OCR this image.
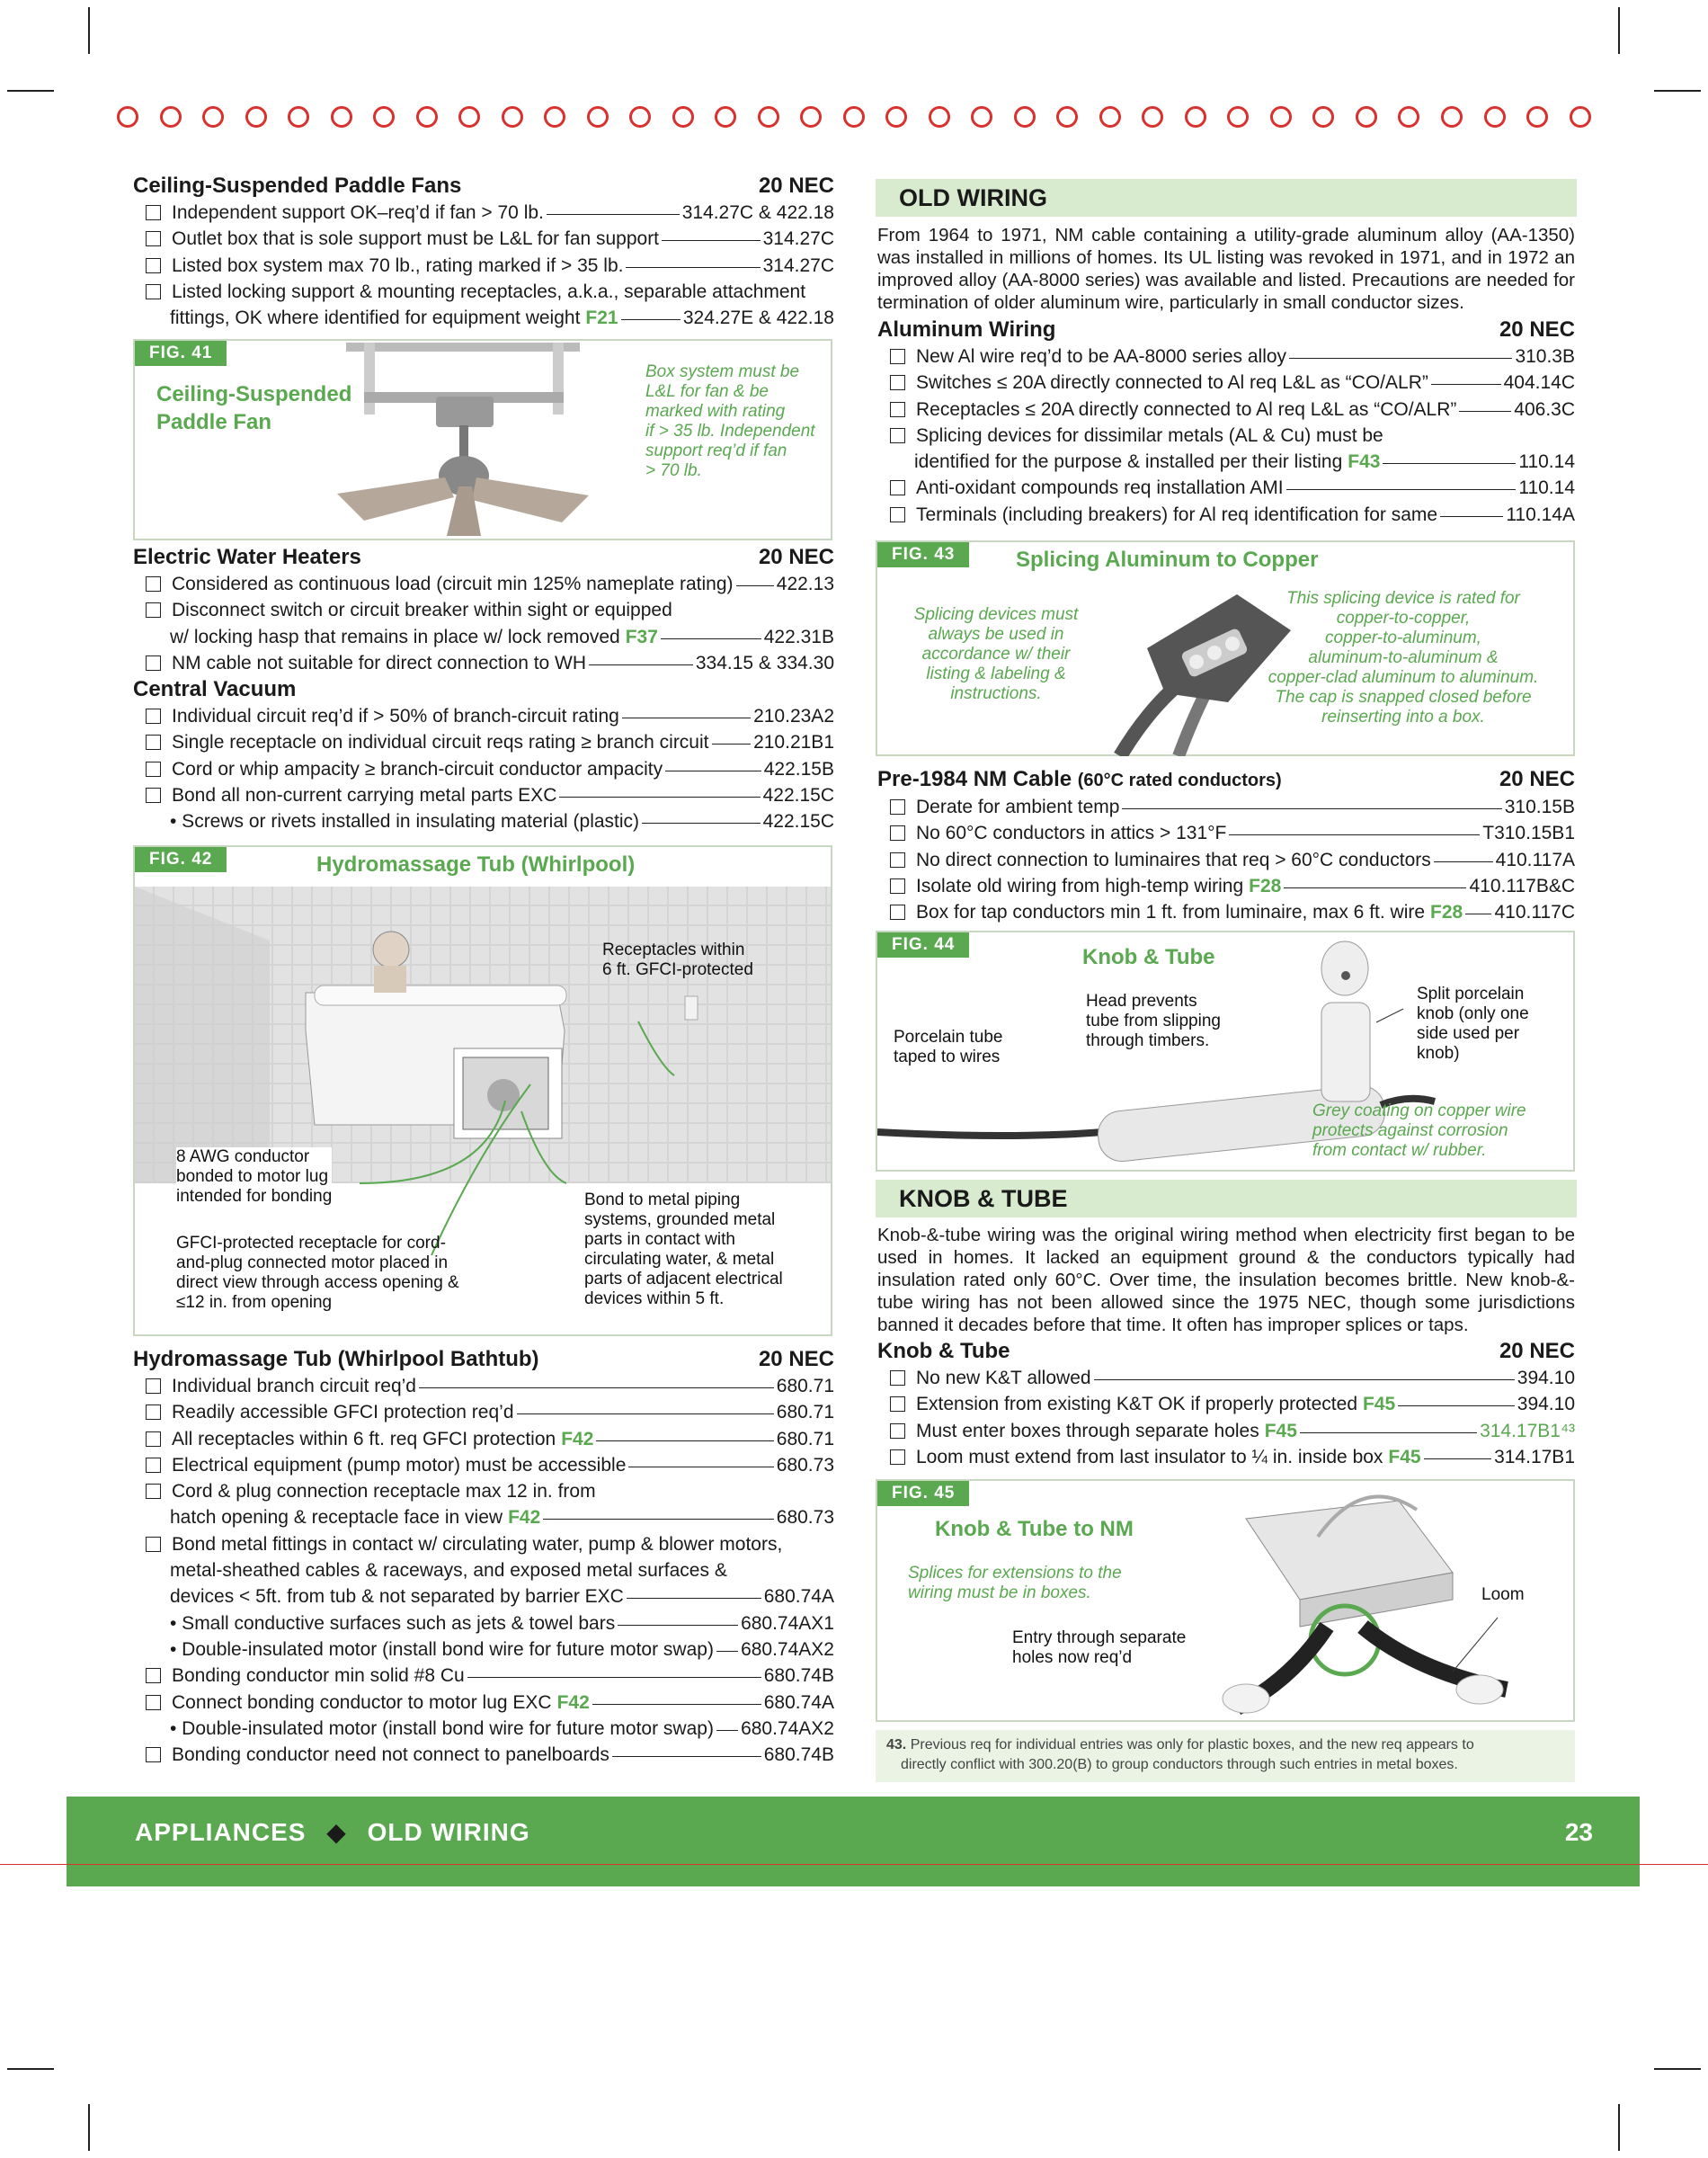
Ceiling-Suspended Paddle Fans	20 NEC
Independent support OK–req’d if fan > 70 lb.	314.27C & 422.18
Outlet box that is sole support must be L&L for fan support	314.27C
Listed box system max 70 lb., rating marked if > 35 lb.	314.27C
Listed locking support & mounting receptacles, a.k.a., separable attachment
fittings, OK where identified for equipment weight F21	324.27E & 422.18
FIG. 41
Ceiling-Suspended
Paddle Fan
Box system must be
L&L for fan & be
marked with rating
if > 35 lb. Independent
support req’d if fan
> 70 lb.
Electric Water Heaters	20 NEC
Considered as continuous load (circuit min 125% nameplate rating) 422.13
Disconnect switch or circuit breaker within sight or equipped
w/ locking hasp that remains in place w/ lock removed F37	422.31B
NM cable not suitable for direct connection to WH	334.15 & 334.30
Central Vacuum
Individual circuit req’d if > 50% of branch-circuit rating	210.23A2
Single receptacle on individual circuit reqs rating ≥ branch circuit 210.21B1
Cord or whip ampacity ≥ branch-circuit conductor ampacity	422.15B
Bond all non-current carrying metal parts EXC	422.15C
• Screws or rivets installed in insulating material (plastic)	422.15C
FIG. 42	Hydromassage Tub (Whirlpool)
Receptacles within
6 ft. GFCI-protected
8 AWG conductor
bonded to motor lug
intended for bonding
GFCI-protected receptacle for cord-
and-plug connected motor placed in
direct view through access opening &
≤12 in. from opening
Bond to metal piping
systems, grounded metal
parts in contact with
circulating water, & metal
parts of adjacent electrical
devices within 5 ft.
Hydromassage Tub (Whirlpool Bathtub)	20 NEC
Individual branch circuit req’d	680.71
Readily accessible GFCI protection req’d	680.71
All receptacles within 6 ft. req GFCI protection F42	680.71
Electrical equipment (pump motor) must be accessible	680.73
Cord & plug connection receptacle max 12 in. from
hatch opening & receptacle face in view F42	680.73
Bond metal fittings in contact w/ circulating water, pump & blower motors,
metal-sheathed cables & raceways, and exposed metal surfaces &
devices < 5ft. from tub & not separated by barrier EXC	680.74A
• Small conductive surfaces such as jets & towel bars	680.74AX1
• Double-insulated motor (install bond wire for future motor swap) 680.74AX2
Bonding conductor min solid #8 Cu	680.74B
Connect bonding conductor to motor lug EXC F42	680.74A
• Double-insulated motor (install bond wire for future motor swap) 680.74AX2
Bonding conductor need not connect to panelboards	680.74B
OLD WIRING
From 1964 to 1971, NM cable containing a utility-grade aluminum alloy (AA-1350) was installed in millions of homes. Its UL listing was revoked in 1971, and in 1972 an improved alloy (AA-8000 series) was available and listed. Precautions are needed for termination of older aluminum wire, particularly in small conductor sizes.
Aluminum Wiring	20 NEC
New Al wire req’d to be AA-8000 series alloy	310.3B
Switches ≤ 20A directly connected to Al req L&L as “CO/ALR”	404.14C
Receptacles ≤ 20A directly connected to Al req L&L as “CO/ALR”	406.3C
Splicing devices for dissimilar metals (AL & Cu) must be
identified for the purpose & installed per their listing F43	110.14
Anti-oxidant compounds req installation AMI	110.14
Terminals (including breakers) for Al req identification for same	110.14A
FIG. 43	Splicing Aluminum to Copper
Splicing devices must
always be used in
accordance w/ their
listing & labeling &
instructions.
This splicing device is rated for
copper-to-copper,
copper-to-aluminum,
aluminum-to-aluminum &
copper-clad aluminum to aluminum.
The cap is snapped closed before
reinserting into a box.
Pre-1984 NM Cable (60°C rated conductors)	20 NEC
Derate for ambient temp	310.15B
No 60°C conductors in attics > 131°F	T310.15B1
No direct connection to luminaires that req > 60°C conductors	410.117A
Isolate old wiring from high-temp wiring F28	410.117B&C
Box for tap conductors min 1 ft. from luminaire, max 6 ft. wire F28 410.117C
FIG. 44
Knob & Tube
Head prevents
tube from slipping
through timbers.
Split porcelain
knob (only one
side used per
knob)
Porcelain tube
taped to wires
Grey coating on copper wire
protects against corrosion
from contact w/ rubber.
KNOB & TUBE
Knob-&-tube wiring was the original wiring method when electricity first began to be used in homes. It lacked an equipment ground & the conductors typically had insulation rated only 60°C. Over time, the insulation becomes brittle. New knob-&-tube wiring has not been allowed since the 1975 NEC, though some jurisdictions banned it decades before that time. It often has improper splices or taps.
Knob & Tube	20 NEC
No new K&T allowed	394.10
Extension from existing K&T OK if properly protected F45	394.10
Must enter boxes through separate holes F45	314.17B1⁴³
Loom must extend from last insulator to ¼ in. inside box F45	314.17B1
FIG. 45
Knob & Tube to NM
Splices for extensions to the
wiring must be in boxes.	Loom
Entry through separate
holes now req’d
43. Previous req for individual entries was only for plastic boxes, and the new req appears to
directly conflict with 300.20(B) to group conductors through such entries in metal boxes.
APPLIANCES ◆ OLD WIRING	23
